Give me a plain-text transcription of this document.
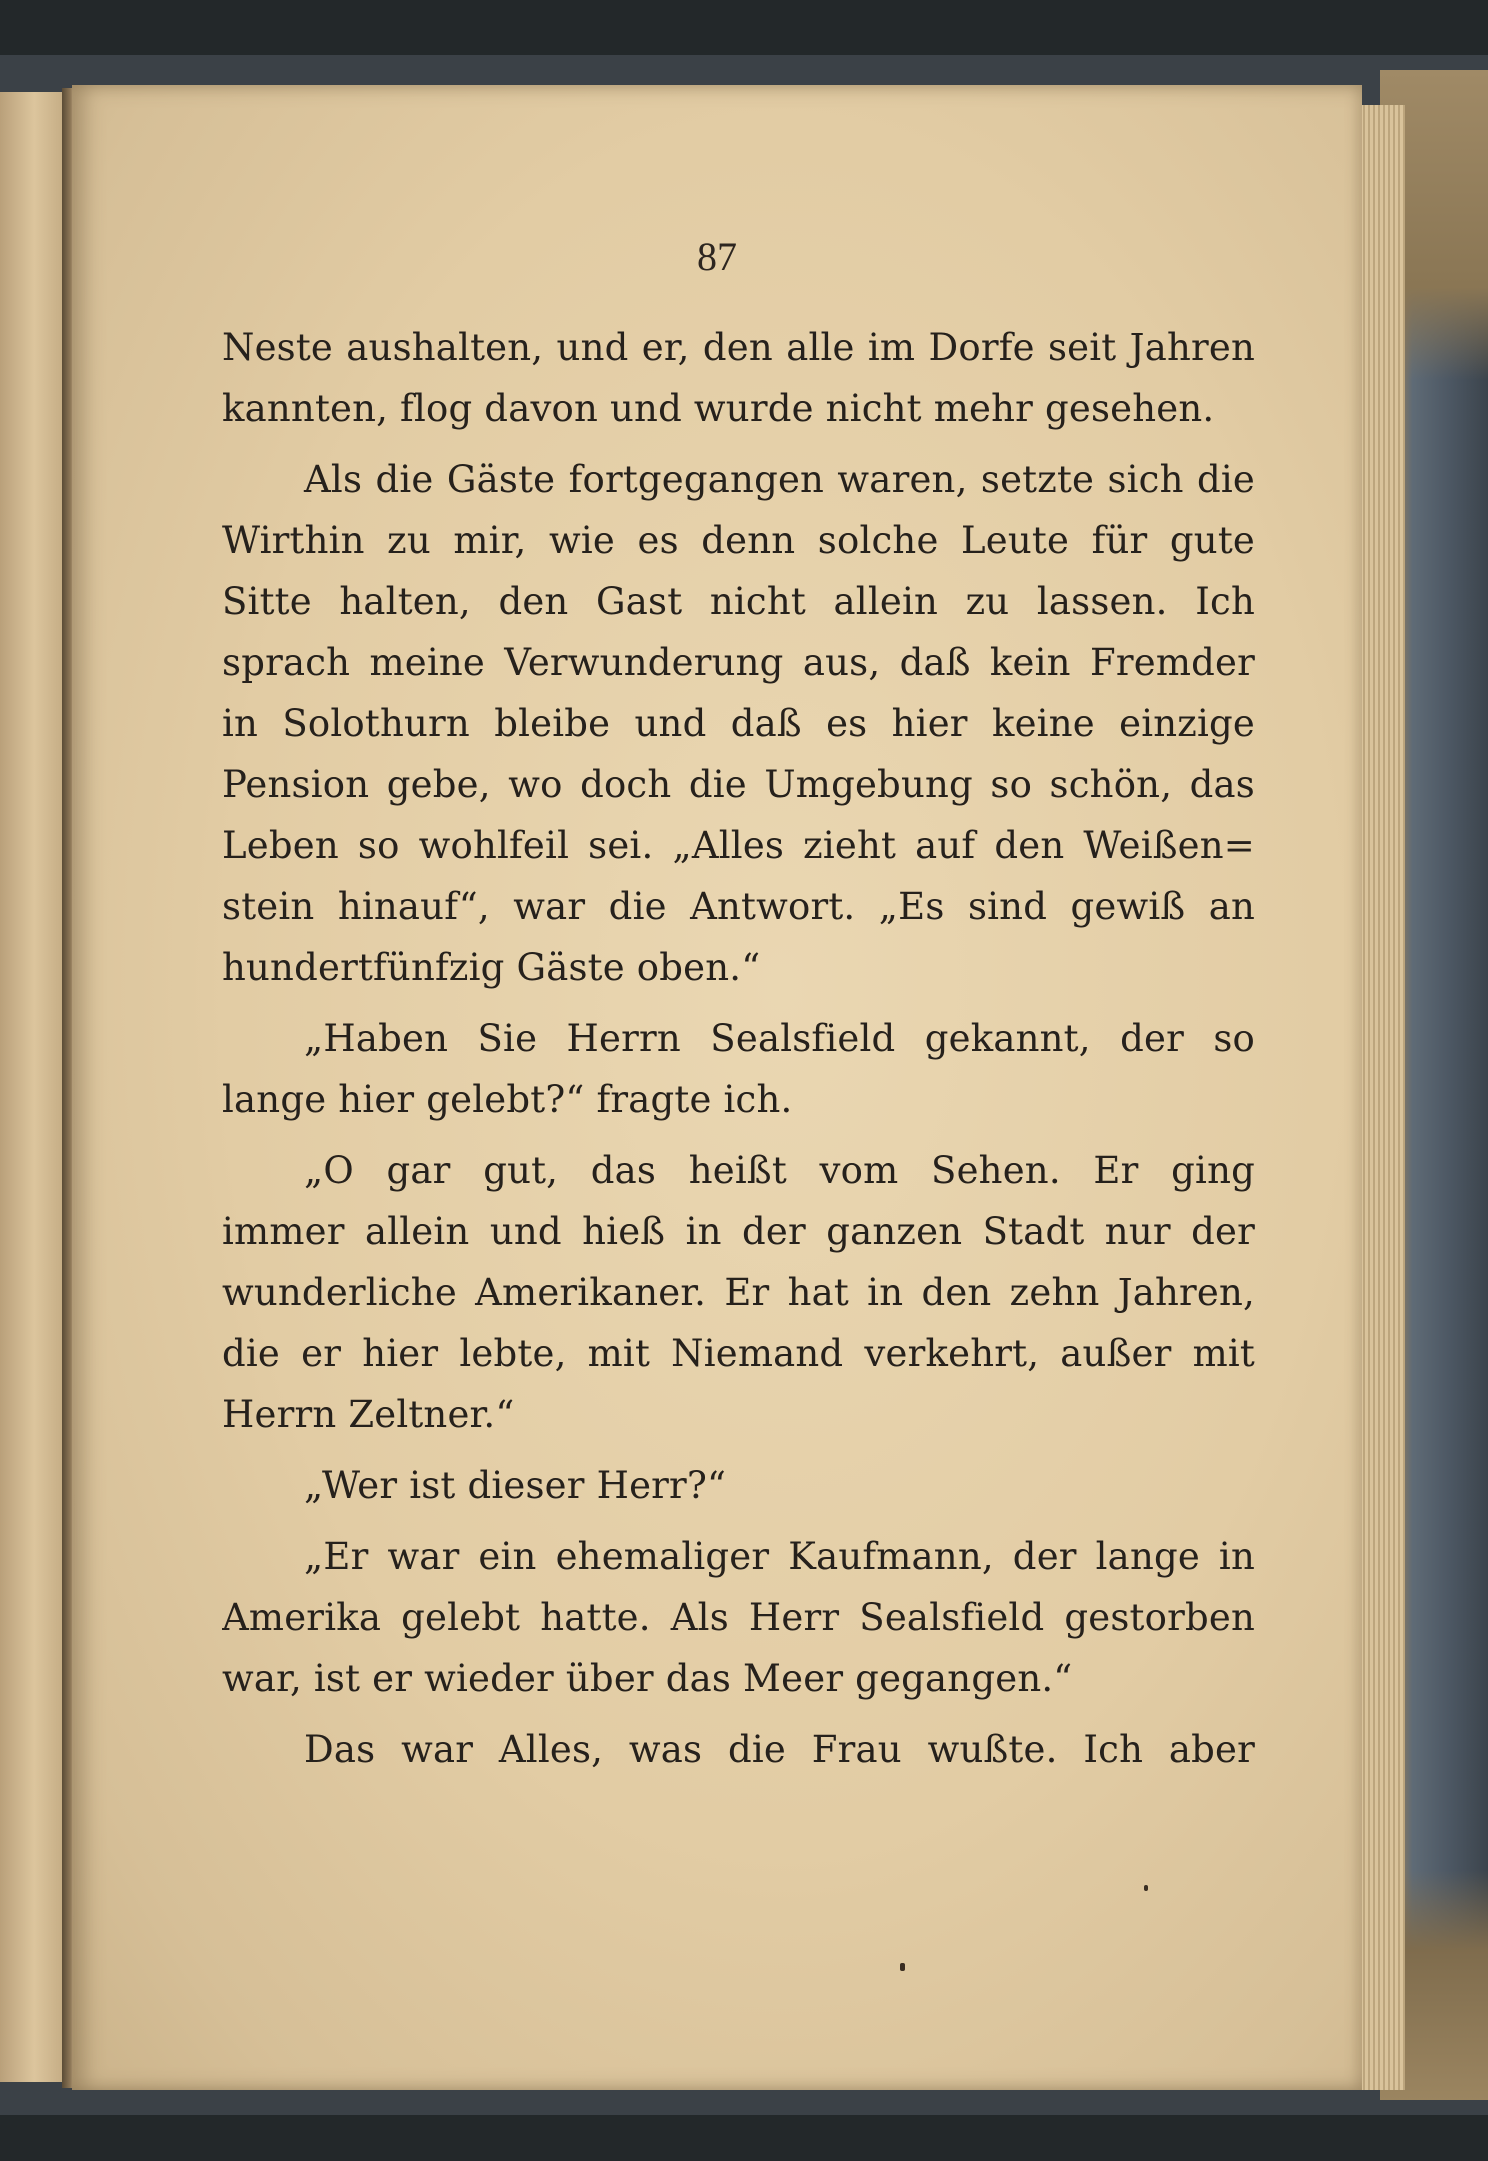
87
Neste aushalten, und er, den alle im Dorfe seit Jahren
kannten, flog davon und wurde nicht mehr gesehen.
Als die Gäste fortgegangen waren, setzte sich die
Wirthin zu mir, wie es denn solche Leute für gute
Sitte halten, den Gast nicht allein zu lassen. Ich
sprach meine Verwunderung aus, daß kein Fremder
in Solothurn bleibe und daß es hier keine einzige
Pension gebe, wo doch die Umgebung so schön, das
Leben so wohlfeil sei. „Alles zieht auf den Weißen=
stein hinauf“, war die Antwort. „Es sind gewiß an
hundertfünfzig Gäste oben.“
„Haben Sie Herrn Sealsfield gekannt, der so
lange hier gelebt?“ fragte ich.
„O gar gut, das heißt vom Sehen. Er ging
immer allein und hieß in der ganzen Stadt nur der
wunderliche Amerikaner. Er hat in den zehn Jahren,
die er hier lebte, mit Niemand verkehrt, außer mit
Herrn Zeltner.“
„Wer ist dieser Herr?“
„Er war ein ehemaliger Kaufmann, der lange in
Amerika gelebt hatte. Als Herr Sealsfield gestorben
war, ist er wieder über das Meer gegangen.“
Das war Alles, was die Frau wußte. Ich aber
